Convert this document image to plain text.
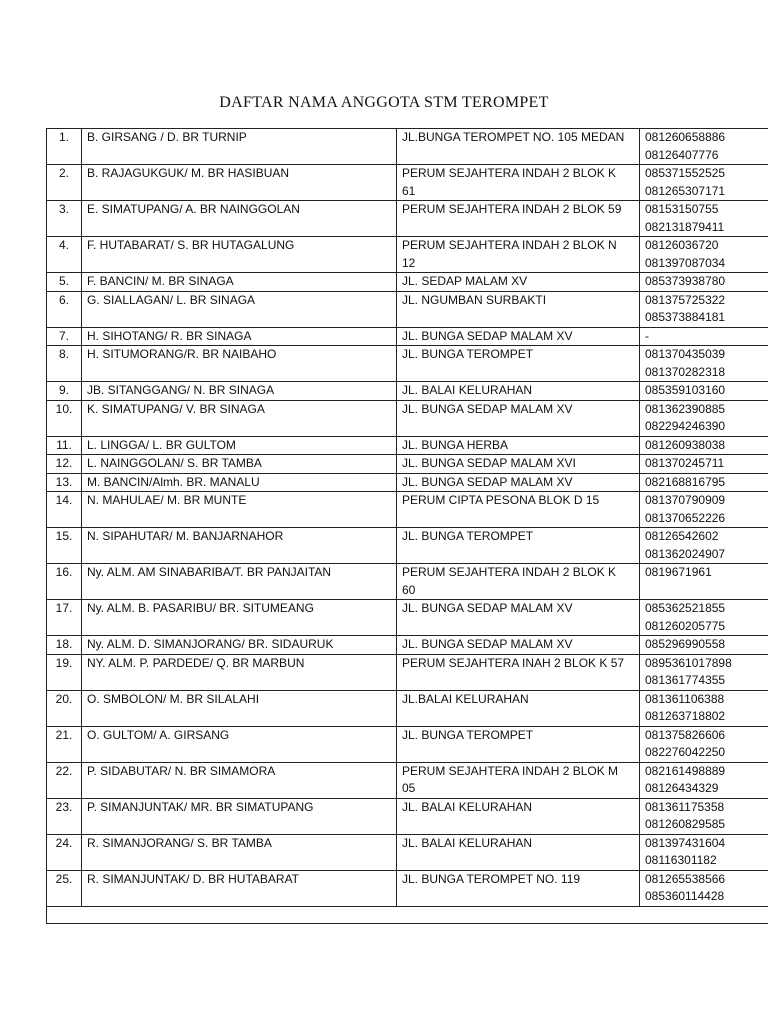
DAFTAR NAMA ANGGOTA STM TEROMPET
1.	B. GIRSANG / D. BR TURNIP	JL.BUNGA TEROMPET NO. 105 MEDAN	081260658886
08126407776

2.	B. RAJAGUKGUK/ M. BR HASIBUAN	PERUM SEJAHTERA INDAH 2 BLOK K
61	085371552525
081265307171

3.	E. SIMATUPANG/ A. BR NAINGGOLAN	PERUM SEJAHTERA INDAH 2 BLOK 59	08153150755
082131879411

4.	F. HUTABARAT/ S. BR HUTAGALUNG	PERUM SEJAHTERA INDAH 2 BLOK N
12	08126036720
081397087034

5.	F. BANCIN/ M. BR SINAGA	JL. SEDAP MALAM XV	085373938780

6.	G. SIALLAGAN/ L. BR SINAGA	JL. NGUMBAN SURBAKTI	081375725322
085373884181

7.	H. SIHOTANG/ R. BR SINAGA	JL. BUNGA SEDAP MALAM XV	-

8.	H. SITUMORANG/R. BR NAIBAHO	JL. BUNGA TEROMPET	081370435039
081370282318

9.	JB. SITANGGANG/ N. BR SINAGA	JL. BALAI KELURAHAN	085359103160

10.	K. SIMATUPANG/ V. BR SINAGA	JL. BUNGA SEDAP MALAM XV	081362390885
082294246390

11.	L. LINGGA/ L. BR GULTOM	JL. BUNGA HERBA	081260938038

12.	L. NAINGGOLAN/ S. BR TAMBA	JL. BUNGA SEDAP MALAM XVI	081370245711

13.	M. BANCIN/Almh. BR. MANALU	JL. BUNGA SEDAP MALAM XV	082168816795

14.	N. MAHULAE/ M. BR MUNTE	PERUM CIPTA PESONA BLOK D 15	081370790909
081370652226

15.	N. SIPAHUTAR/ M. BANJARNAHOR	JL. BUNGA TEROMPET	08126542602
081362024907

16.	Ny. ALM. AM SINABARIBA/T. BR PANJAITAN	PERUM SEJAHTERA INDAH 2 BLOK K
60	0819671961

17.	Ny. ALM. B. PASARIBU/ BR. SITUMEANG	JL. BUNGA SEDAP MALAM XV	085362521855
081260205775

18.	Ny. ALM. D. SIMANJORANG/ BR. SIDAURUK	JL. BUNGA SEDAP MALAM XV	085296990558

19.	NY. ALM. P. PARDEDE/ Q. BR MARBUN	PERUM SEJAHTERA INAH 2 BLOK K 57	0895361017898
081361774355

20.	O. SMBOLON/ M. BR SILALAHI	JL.BALAI KELURAHAN	081361106388
081263718802

21.	O. GULTOM/ A. GIRSANG	JL. BUNGA TEROMPET	081375826606
082276042250

22.	P. SIDABUTAR/ N. BR SIMAMORA	PERUM SEJAHTERA INDAH 2 BLOK M
05	082161498889
08126434329

23.	P. SIMANJUNTAK/ MR. BR SIMATUPANG	JL. BALAI KELURAHAN	081361175358
081260829585

24.	R. SIMANJORANG/ S. BR TAMBA	JL. BALAI KELURAHAN	081397431604
08116301182

25.	R. SIMANJUNTAK/ D. BR HUTABARAT	JL. BUNGA TEROMPET NO. 119	081265538566
085360114428
